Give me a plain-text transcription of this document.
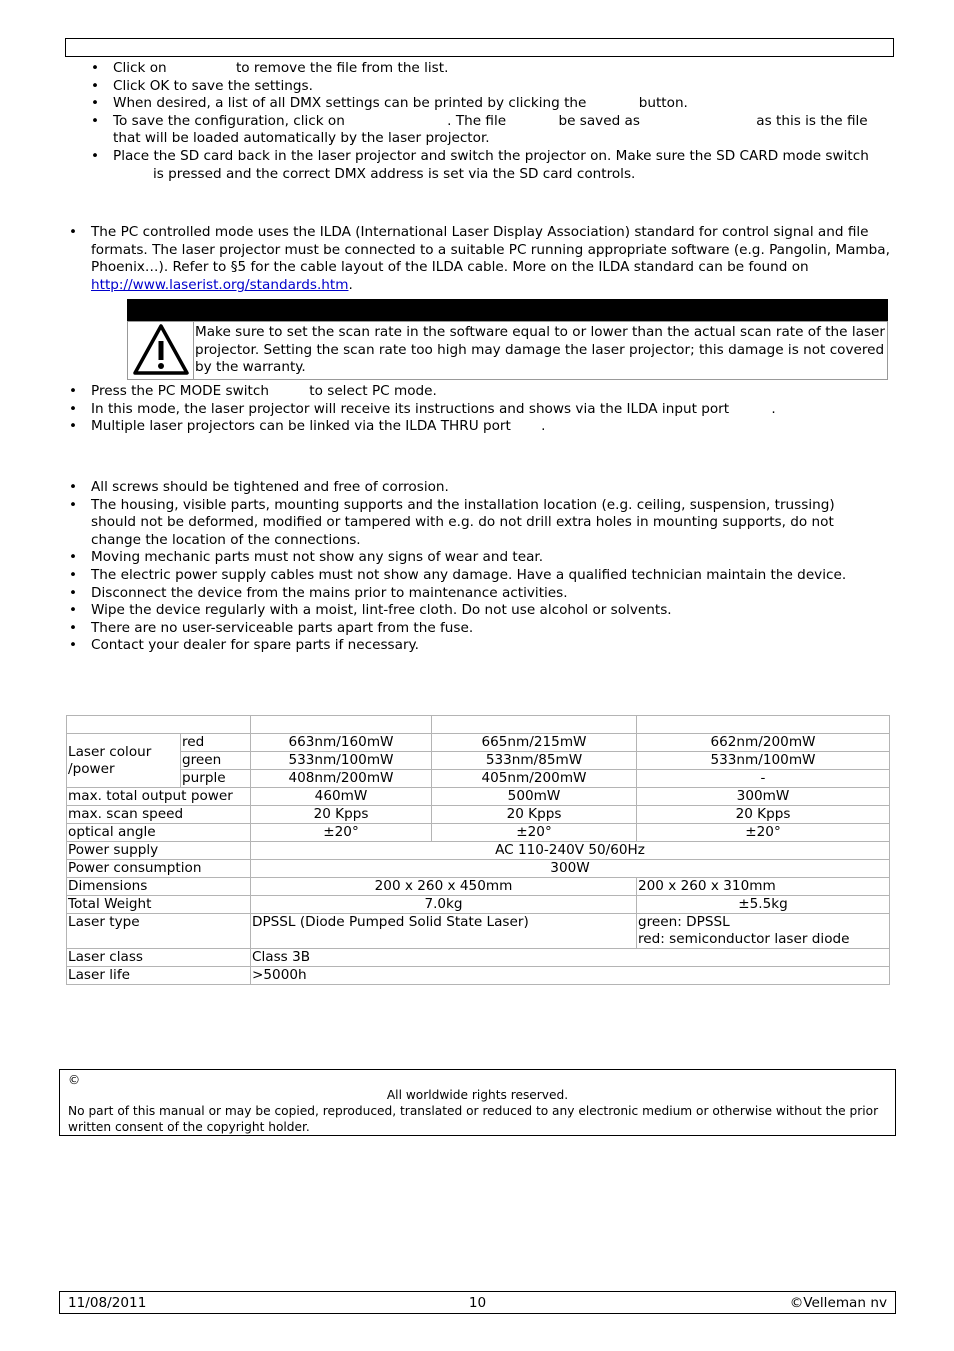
• Click on	to remove the file from the list.
• Click OK to save the settings.
• When desired, a list of all DMX settings can be printed by clicking the	button.
• To save the configuration, click on	. The file	be saved as	as this is the file that will be loaded automatically by the laser projector.
• Place the SD card back in the laser projector and switch the projector on. Make sure the SD CARD mode switch is pressed and the correct DMX address is set via the SD card controls.
• The PC controlled mode uses the ILDA (International Laser Display Association) standard for control signal and file formats. The laser projector must be connected to a suitable PC running appropriate software (e.g. Pangolin, Mamba, Phoenix…). Refer to §5 for the cable layout of the ILDA cable. More on the ILDA standard can be found on http://www.laserist.org/standards.htm.
Make sure to set the scan rate in the software equal to or lower than the actual scan rate of the laser projector. Setting the scan rate too high may damage the laser projector; this damage is not covered by the warranty.
• Press the PC MODE switch	to select PC mode.
• In this mode, the laser projector will receive its instructions and shows via the ILDA input port	.
• Multiple laser projectors can be linked via the ILDA THRU port .
• All screws should be tightened and free of corrosion.
• The housing, visible parts, mounting supports and the installation location (e.g. ceiling, suspension, trussing) should not be deformed, modified or tampered with e.g. do not drill extra holes in mounting supports, do not change the location of the connections.
• Moving mechanic parts must not show any signs of wear and tear.
• The electric power supply cables must not show any damage. Have a qualified technician maintain the device.
• Disconnect the device from the mains prior to maintenance activities.
• Wipe the device regularly with a moist, lint-free cloth. Do not use alcohol or solvents.
• There are no user-serviceable parts apart from the fuse.
• Contact your dealer for spare parts if necessary.

Laser colour /power	red	663nm/160mW	665nm/215mW	662nm/200mW
	green	533nm/100mW	533nm/85mW	533nm/100mW
	purple	408nm/200mW	405nm/200mW	-
max. total output power		460mW	500mW	300mW
max. scan speed		20 Kpps	20 Kpps	20 Kpps
optical angle		±20°	±20°	±20°
Power supply		AC 110-240V 50/60Hz		
Power consumption		300W		
Dimensions		200 x 260 x 450mm		200 x 260 x 310mm
Total Weight		7.0kg		±5.5kg
Laser type		DPSSL (Diode Pumped Solid State Laser)		green: DPSSL
red: semiconductor laser diode

Laser class		Class 3B		
Laser life		>5000h		
©
All worldwide rights reserved.
No part of this manual or may be copied, reproduced, translated or reduced to any electronic medium or otherwise without the prior written consent of the copyright holder.
11/08/2011	10	©Velleman nv
